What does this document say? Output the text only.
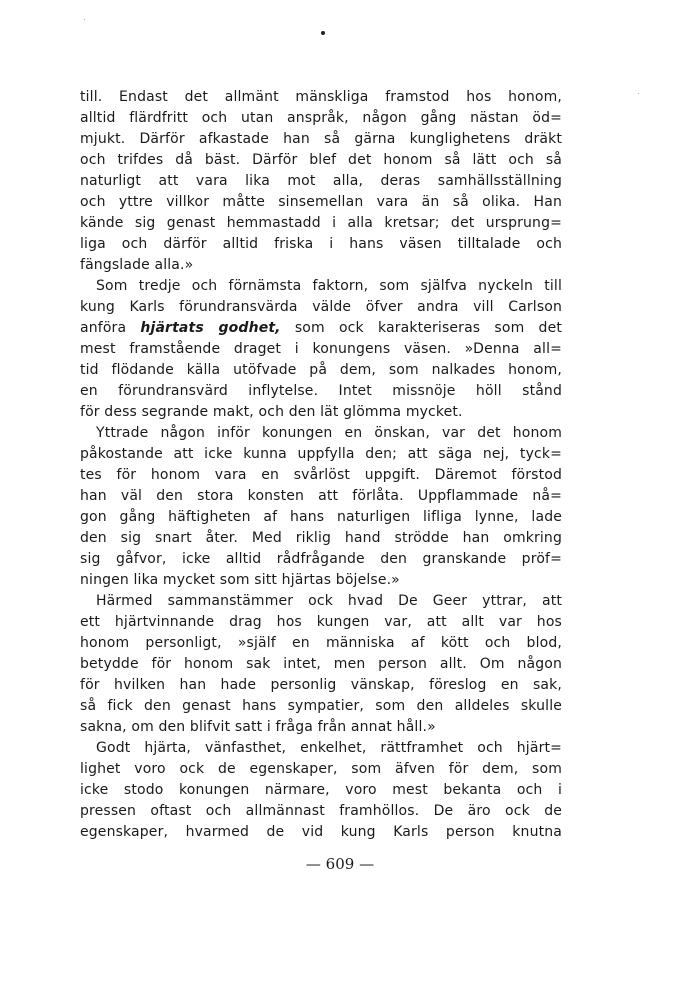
till. Endast det allmänt mänskliga framstod hos honom,
alltid flärdfritt och utan anspråk, någon gång nästan öd=
mjukt. Därför afkastade han så gärna kunglighetens dräkt
och trifdes då bäst. Därför blef det honom så lätt och så
naturligt att vara lika mot alla, deras samhällsställning
och yttre villkor måtte sinsemellan vara än så olika. Han
kände sig genast hemmastadd i alla kretsar; det ursprung=
liga och därför alltid friska i hans väsen tilltalade och
fängslade alla.»
Som tredje och förnämsta faktorn, som själfva nyckeln till
kung Karls förundransvärda välde öfver andra vill Carlson
anföra hjärtats godhet, som ock karakteriseras som det
mest framstående draget i konungens väsen. »Denna all=
tid flödande källa utöfvade på dem, som nalkades honom,
en förundransvärd inflytelse. Intet missnöje höll stånd
för dess segrande makt, och den lät glömma mycket.
Yttrade någon inför konungen en önskan, var det honom
påkostande att icke kunna uppfylla den; att säga nej, tyck=
tes för honom vara en svårlöst uppgift. Däremot förstod
han väl den stora konsten att förlåta. Uppflammade nå=
gon gång häftigheten af hans naturligen lifliga lynne, lade
den sig snart åter. Med riklig hand strödde han omkring
sig gåfvor, icke alltid rådfrågande den granskande pröf=
ningen lika mycket som sitt hjärtas böjelse.»
Härmed sammanstämmer ock hvad De Geer yttrar, att
ett hjärtvinnande drag hos kungen var, att allt var hos
honom personligt, »själf en människa af kött och blod,
betydde för honom sak intet, men person allt. Om någon
för hvilken han hade personlig vänskap, föreslog en sak,
så fick den genast hans sympatier, som den alldeles skulle
sakna, om den blifvit satt i fråga från annat håll.»
Godt hjärta, vänfasthet, enkelhet, rättframhet och hjärt=
lighet voro ock de egenskaper, som äfven för dem, som
icke stodo konungen närmare, voro mest bekanta och i
pressen oftast och allmännast framhöllos. De äro ock de
egenskaper, hvarmed de vid kung Karls person knutna
— 609 —
